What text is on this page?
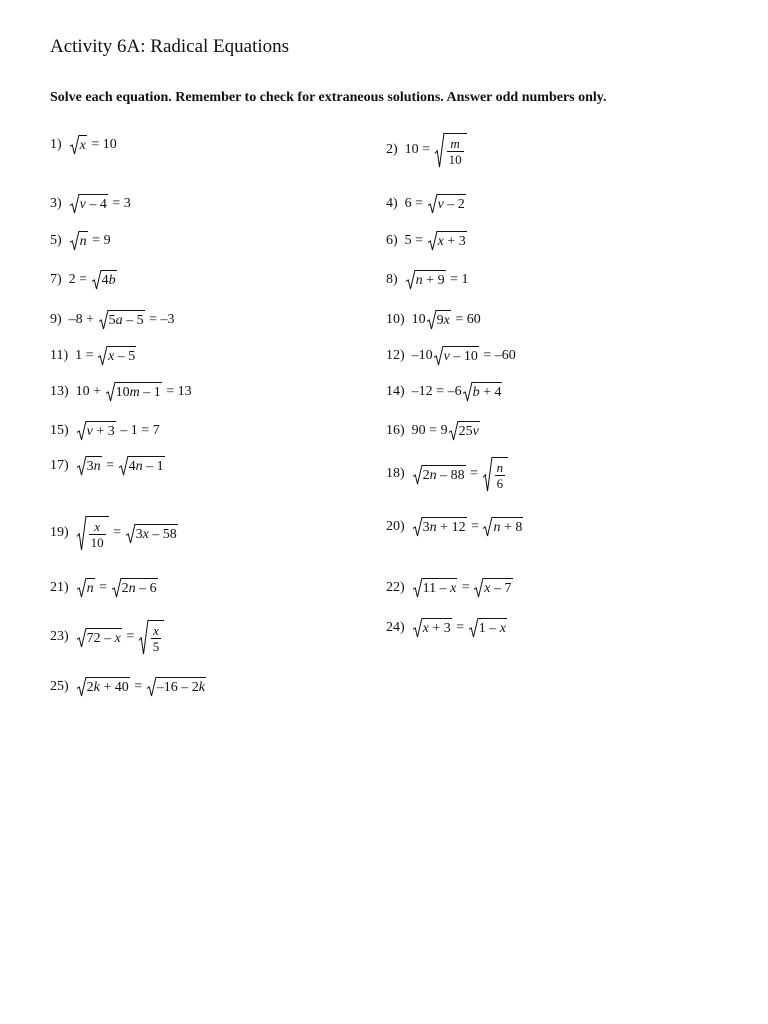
Activity 6A: Radical Equations
Solve each equation. Remember to check for extraneous solutions. Answer odd numbers only.
1) x = 10	2) $10 = \frac{m}{10}$
3) v – 4 = 3	4) 6 = v – 2
5) n = 9	6) 5 = x + 3
7) 2 = 4 b	8) n + 9 = 1
9) –8 + 5 a – 5 = –3	10) 10 9 x = 60
11) 1 = x – 5	12) –10 v – 10 = –60
13) 10 + 10 m – 1 = 13	14) –12 = –6 b + 4
15) v + 3 – 1 = 7	16) 90 = 9 25 v
17) 3 n = 4 n – 1	18) 2 $n - 88 = \frac{n}{6}$
$19) \frac{x}{10} = 3$ x – 58
20) 3 n + 12 = n + 8
21) n = 2 n – 6	22) 11 – x = x – 7
23) $72 - x = \frac{x}{5}$	24) x + 3 = 1 – x
25) 2 k + 40 = –16 – 2 k
